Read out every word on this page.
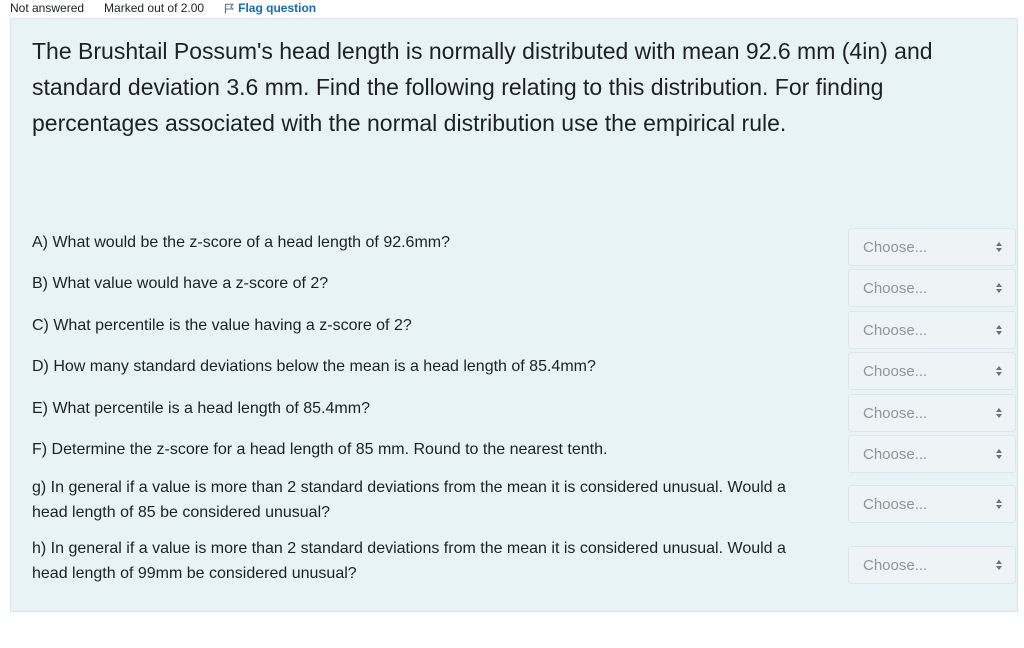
Not answered Marked out of 2.00	Flag question
The Brushtail Possum's head length is normally distributed with mean 92.6 mm (4in) and standard deviation 3.6 mm. Find the following relating to this distribution. For finding percentages associated with the normal distribution use the empirical rule.
A) What would be the z-score of a head length of 92.6mm?	Choose...
B) What value would have a z-score of 2?	Choose...
C) What percentile is the value having a z-score of 2?	Choose...
D) How many standard deviations below the mean is a head length of 85.4mm?	Choose...
E) What percentile is a head length of 85.4mm?	Choose...
F) Determine the z-score for a head length of 85 mm. Round to the nearest tenth.	Choose...
g) In general if a value is more than 2 standard deviations from the mean it is considered unusual. Would a head length of 85 be considered unusual?	Choose...
h) In general if a value is more than 2 standard deviations from the mean it is considered unusual. Would a head length of 99mm be considered unusual?	Choose...
